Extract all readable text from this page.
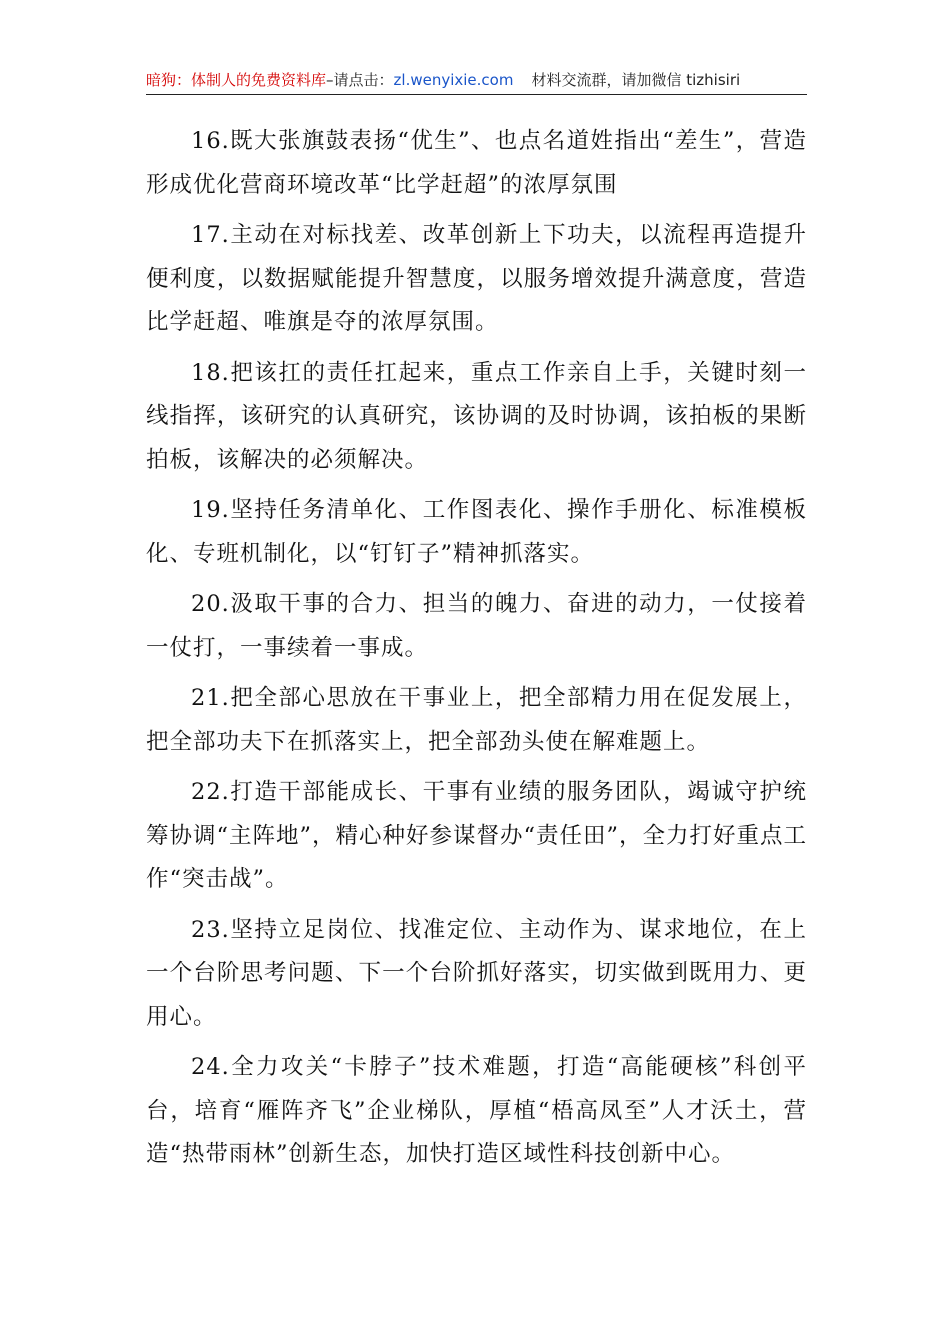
暗狗：体制人的免费资料库–请点击：zl.wenyixie.com 材料交流群，请加微信 tizhisiri

16.既大张旗鼓表扬“优生”、也点名道姓指出“差生”，营造形成优化营商环境改革“比学赶超”的浓厚氛围

17.主动在对标找差、改革创新上下功夫，以流程再造提升便利度，以数据赋能提升智慧度，以服务增效提升满意度，营造比学赶超、唯旗是夺的浓厚氛围。

18.把该扛的责任扛起来，重点工作亲自上手，关键时刻一线指挥，该研究的认真研究，该协调的及时协调，该拍板的果断拍板，该解决的必须解决。

19.坚持任务清单化、工作图表化、操作手册化、标准模板化、专班机制化，以“钉钉子”精神抓落实。

20.汲取干事的合力、担当的魄力、奋进的动力，一仗接着一仗打，一事续着一事成。

21.把全部心思放在干事业上，把全部精力用在促发展上，把全部功夫下在抓落实上，把全部劲头使在解难题上。

22.打造干部能成长、干事有业绩的服务团队，竭诚守护统筹协调“主阵地”，精心种好参谋督办“责任田”，全力打好重点工作“突击战”。

23.坚持立足岗位、找准定位、主动作为、谋求地位，在上一个台阶思考问题、下一个台阶抓好落实，切实做到既用力、更用心。

24.全力攻关“卡脖子”技术难题，打造“高能硬核”科创平台，培育“雁阵齐飞”企业梯队，厚植“梧高凤至”人才沃土，营造“热带雨林”创新生态，加快打造区域性科技创新中心。
